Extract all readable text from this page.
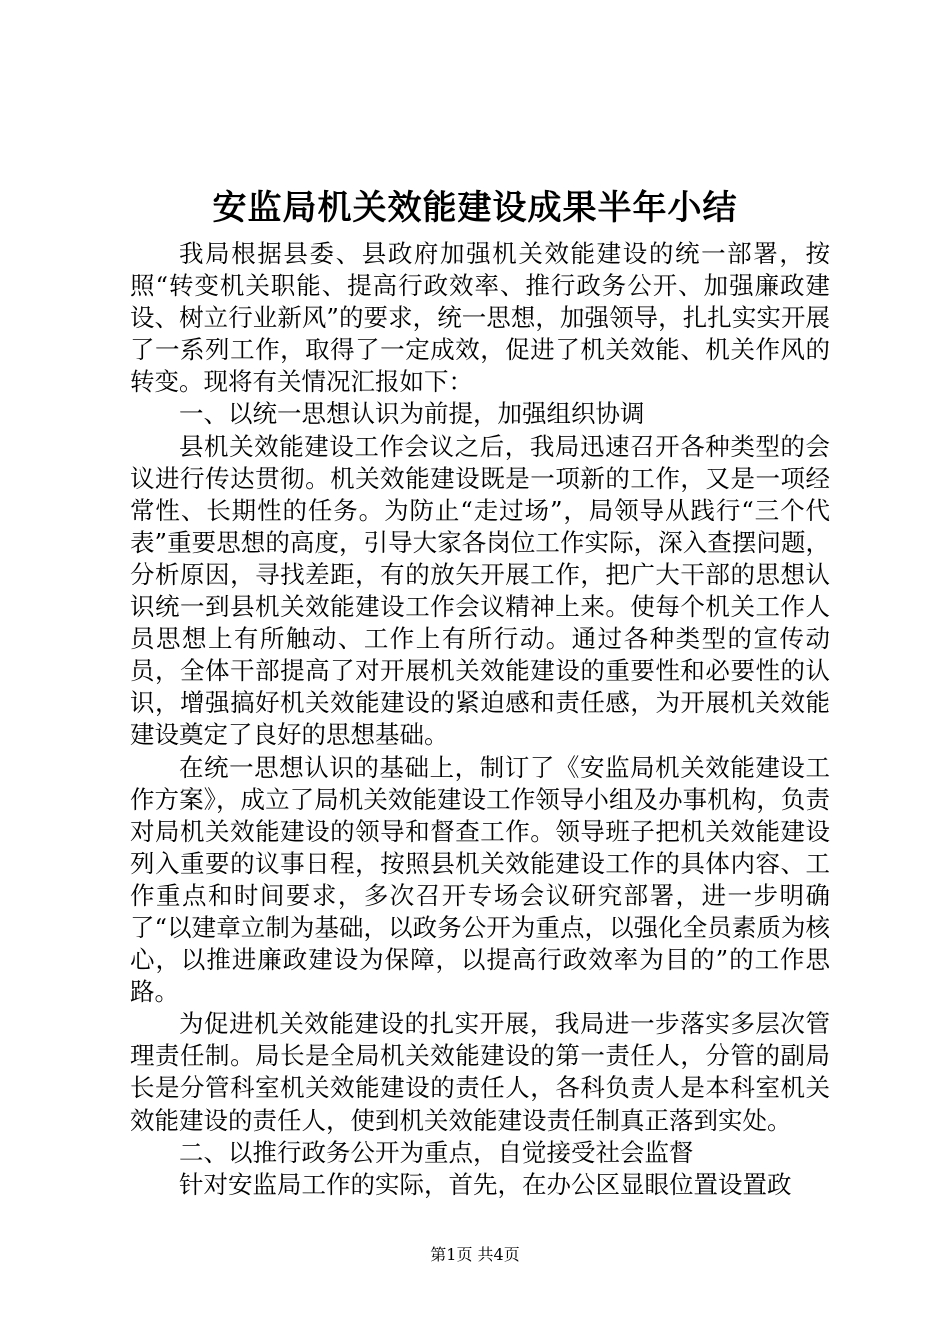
安监局机关效能建设成果半年小结

我局根据县委、县政府加强机关效能建设的统一部署，按照“转变机关职能、提高行政效率、推行政务公开、加强廉政建设、树立行业新风”的要求，统一思想，加强领导，扎扎实实开展了一系列工作，取得了一定成效，促进了机关效能、机关作风的转变。现将有关情况汇报如下：

一、以统一思想认识为前提，加强组织协调

县机关效能建设工作会议之后，我局迅速召开各种类型的会议进行传达贯彻。机关效能建设既是一项新的工作，又是一项经常性、长期性的任务。为防止“走过场”，局领导从践行“三个代表”重要思想的高度，引导大家各岗位工作实际，深入查摆问题，分析原因，寻找差距，有的放矢开展工作，把广大干部的思想认识统一到县机关效能建设工作会议精神上来。使每个机关工作人员思想上有所触动、工作上有所行动。通过各种类型的宣传动员，全体干部提高了对开展机关效能建设的重要性和必要性的认识，增强搞好机关效能建设的紧迫感和责任感，为开展机关效能建设奠定了良好的思想基础。

在统一思想认识的基础上，制订了《安监局机关效能建设工作方案》，成立了局机关效能建设工作领导小组及办事机构，负责对局机关效能建设的领导和督查工作。领导班子把机关效能建设列入重要的议事日程，按照县机关效能建设工作的具体内容、工作重点和时间要求，多次召开专场会议研究部署，进一步明确了“以建章立制为基础，以政务公开为重点，以强化全员素质为核心，以推进廉政建设为保障，以提高行政效率为目的”的工作思路。

为促进机关效能建设的扎实开展，我局进一步落实多层次管理责任制。局长是全局机关效能建设的第一责任人，分管的副局长是分管科室机关效能建设的责任人，各科负责人是本科室机关效能建设的责任人，使到机关效能建设责任制真正落到实处。

二、以推行政务公开为重点，自觉接受社会监督

针对安监局工作的实际，首先，在办公区显眼位置设置政

第1页 共4页
